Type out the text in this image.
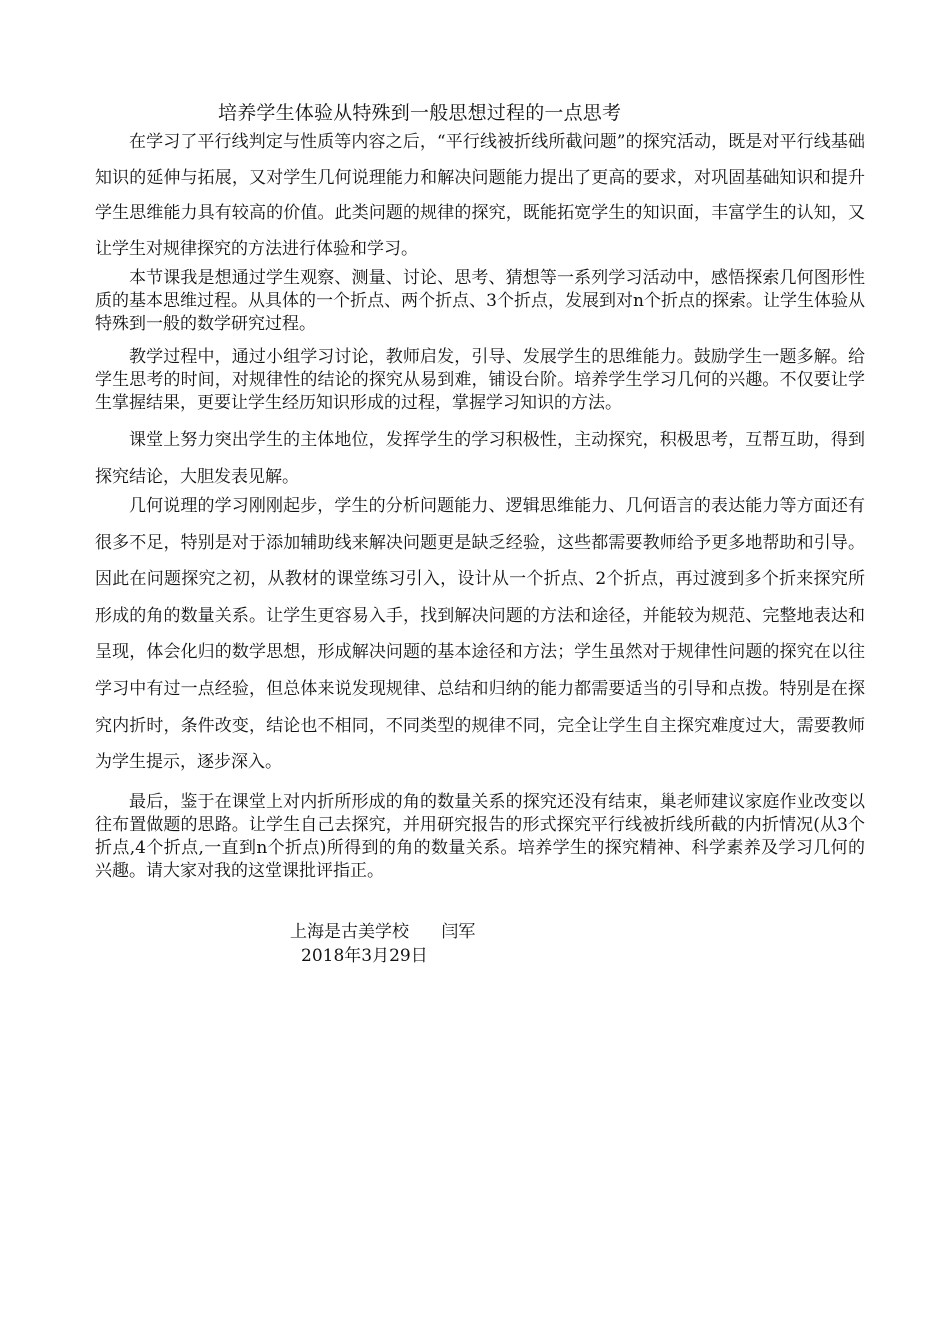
培养学生体验从特殊到一般思想过程的一点思考

在学习了平行线判定与性质等内容之后，“平行线被折线所截问题”的探究活动，既是对平行线基础知识的延伸与拓展，又对学生几何说理能力和解决问题能力提出了更高的要求，对巩固基础知识和提升学生思维能力具有较高的价值。此类问题的规律的探究，既能拓宽学生的知识面，丰富学生的认知，又让学生对规律探究的方法进行体验和学习。

本节课我是想通过学生观察、测量、讨论、思考、猜想等一系列学习活动中，感悟探索几何图形性质的基本思维过程。从具体的一个折点、两个折点、3个折点，发展到对n个折点的探索。让学生体验从特殊到一般的数学研究过程。

教学过程中，通过小组学习讨论，教师启发，引导、发展学生的思维能力。鼓励学生一题多解。给学生思考的时间，对规律性的结论的探究从易到难，铺设台阶。培养学生学习几何的兴趣。不仅要让学生掌握结果，更要让学生经历知识形成的过程，掌握学习知识的方法。

课堂上努力突出学生的主体地位，发挥学生的学习积极性，主动探究，积极思考，互帮互助，得到探究结论，大胆发表见解。

几何说理的学习刚刚起步，学生的分析问题能力、逻辑思维能力、几何语言的表达能力等方面还有很多不足，特别是对于添加辅助线来解决问题更是缺乏经验，这些都需要教师给予更多地帮助和引导。因此在问题探究之初，从教材的课堂练习引入，设计从一个折点、2个折点，再过渡到多个折来探究所形成的角的数量关系。让学生更容易入手，找到解决问题的方法和途径，并能较为规范、完整地表达和呈现，体会化归的数学思想，形成解决问题的基本途径和方法；学生虽然对于规律性问题的探究在以往学习中有过一点经验，但总体来说发现规律、总结和归纳的能力都需要适当的引导和点拨。特别是在探究内折时，条件改变，结论也不相同，不同类型的规律不同，完全让学生自主探究难度过大，需要教师为学生提示，逐步深入。

最后，鉴于在课堂上对内折所形成的角的数量关系的探究还没有结束，巢老师建议家庭作业改变以往布置做题的思路。让学生自己去探究，并用研究报告的形式探究平行线被折线所截的内折情况(从3个折点,4个折点,一直到n个折点)所得到的角的数量关系。培养学生的探究精神、科学素养及学习几何的兴趣。请大家对我的这堂课批评指正。

上海是古美学校      闫军
2018年3月29日
